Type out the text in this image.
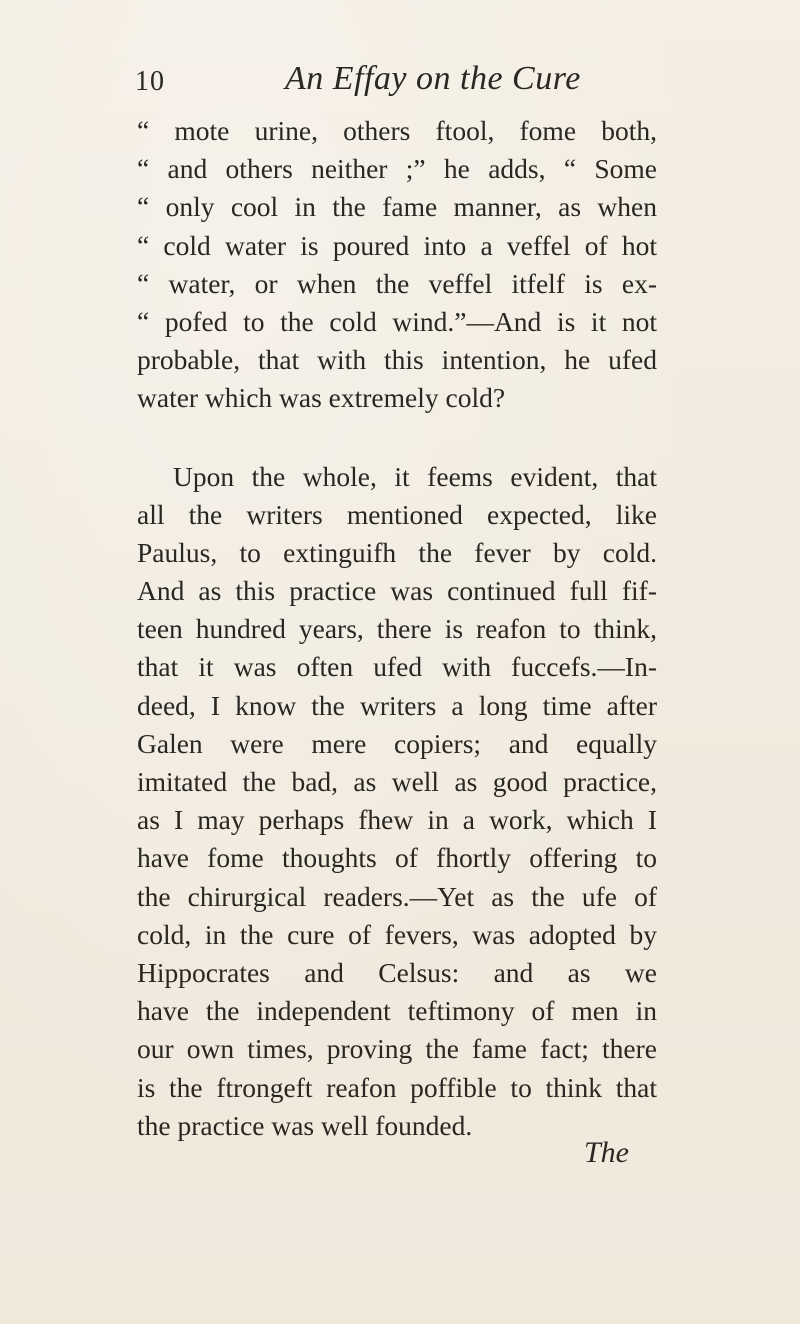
10	An Effay on the Cure
“ mote urine, others ftool, fome both,
“ and others neither ;” he adds, “ Some
“ only cool in the fame manner, as when
“ cold water is poured into a veffel of hot
“ water, or when the veffel itfelf is ex-
“ pofed to the cold wind.”—And is it not
probable, that with this intention, he ufed
water which was extremely cold?
Upon the whole, it feems evident, that
all the writers mentioned expected, like
Paulus, to extinguifh the fever by cold.
And as this practice was continued full fif-
teen hundred years, there is reafon to think,
that it was often ufed with fuccefs.—In-
deed, I know the writers a long time after
Galen were mere copiers; and equally
imitated the bad, as well as good practice,
as I may perhaps fhew in a work, which I
have fome thoughts of fhortly offering to
the chirurgical readers.—Yet as the ufe of
cold, in the cure of fevers, was adopted by
Hippocrates and Celsus: and as we
have the independent teftimony of men in
our own times, proving the fame fact; there
is the ftrongeft reafon poffible to think that
the practice was well founded.
The
